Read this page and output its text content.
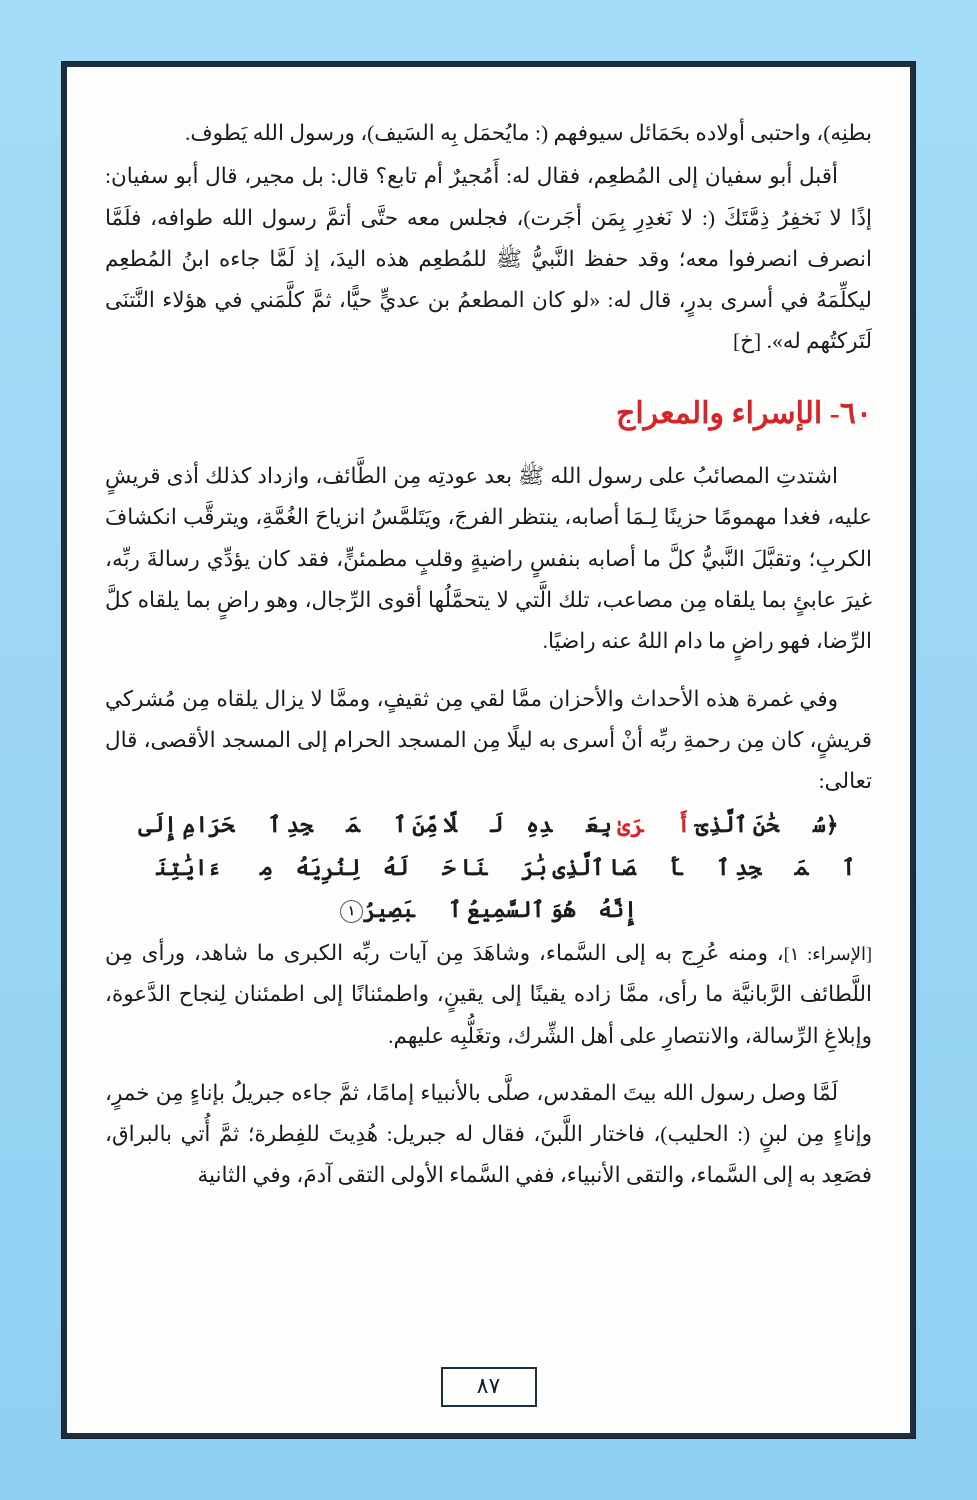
بطنِه)، واحتبى أولاده بحَمَائل سيوفهم (: مايُحمَل بِه السَيف)، ورسول الله يَطوف.

أقبل أبو سفيان إلى المُطعِم، فقال له: أَمُجيرٌ أم تابع؟ قال: بل مجير، قال أبو سفيان: إذًا لا نَخفِرُ ذِمَّتَكَ (: لا نَغدِرِ بِمَن أجَرت)، فجلس معه حتَّى أتمَّ رسول الله طوافه، فلَمَّا انصرف انصرفوا معه؛ وقد حفظ النَّبيُّ ﷺ للمُطعِم هذه اليدَ، إذ لَمَّا جاءه ابنُ المُطعِم ليكلِّمَهُ في أسرى بدرٍ، قال له: «لو كان المطعمُ بن عديٍّ حيًّا، ثمَّ كلَّمَني في هؤلاء النَّتنَى لَتَركتُهم له». [خ]

٦٠- الإسراء والمعراج

اشتدتِ المصائبُ على رسول الله ﷺ بعد عودتِه مِن الطَّائف، وازداد كذلك أذى قريشٍ عليه، فغدا مهمومًا حزينًا لِـمَا أصابه، ينتظر الفرجَ، ويَتَلمَّسُ انزياحَ الغُمَّةِ، ويترقَّب انكشافَ الكربِ؛ وتقبَّلَ النَّبيُّ كلَّ ما أصابه بنفسٍ راضيةٍ وقلبٍ مطمئنٍّ، فقد كان يؤدِّي رسالةَ ربِّه، غيرَ عابئٍ بما يلقاه مِن مصاعب، تلك الَّتي لا يتحمَّلُها أقوى الرِّجال، وهو راضٍ بما يلقاه كلَّ الرِّضا، فهو راضٍ ما دام اللهُ عنه راضيًا.

وفي غمرة هذه الأحداث والأحزان ممَّا لقي مِن ثقيفٍ، وممَّا لا يزال يلقاه مِن مُشركي قريشٍ، كان مِن رحمةِ ربِّه أنْ أسرى به ليلًا مِن المسجد الحرام إلى المسجد الأقصى، قال تعالى:

﴿سُبۡحَٰنَ ٱلَّذِىٓ أَسۡرَىٰ بِعَبۡدِهِۦ لَيۡلًا مِّنَ ٱلۡمَسۡجِدِ ٱلۡحَرَامِ إِلَى ٱلۡمَسۡجِدِ ٱلۡأَقۡصَا ٱلَّذِى بَٰرَكۡنَا حَوۡلَهُۥ لِنُرِيَهُۥ مِنۡ ءَايَٰتِنَآۚ إِنَّهُۥ هُوَ ٱلسَّمِيعُ ٱلۡبَصِيرُ١

[الإسراء: ١]، ومنه عُرِج به إلى السَّماء، وشاهَدَ مِن آيات ربِّه الكبرى ما شاهد، ورأى مِن اللَّطائف الرَّبانيَّة ما رأى، ممَّا زاده يقينًا إلى يقينٍ، واطمئنانًا إلى اطمئنان لِنجاح الدَّعوة، وإبلاغِ الرِّسالة، والانتصارِ على أهل الشِّرك، وتغَلُّبِه عليهم.

لَمَّا وصل رسول الله بيتَ المقدس، صلَّى بالأنبياء إمامًا، ثمَّ جاءه جبريلُ بإناءٍ مِن خمرٍ، وإناءٍ مِن لبنٍ (: الحليب)، فاختار اللَّبنَ، فقال له جبريل: هُدِيتَ للفِطرة؛ ثمَّ أُتي بالبراق، فصَعِد به إلى السَّماء، والتقى الأنبياء، ففي السَّماء الأولى التقى آدمَ، وفي الثانية

٨٧
